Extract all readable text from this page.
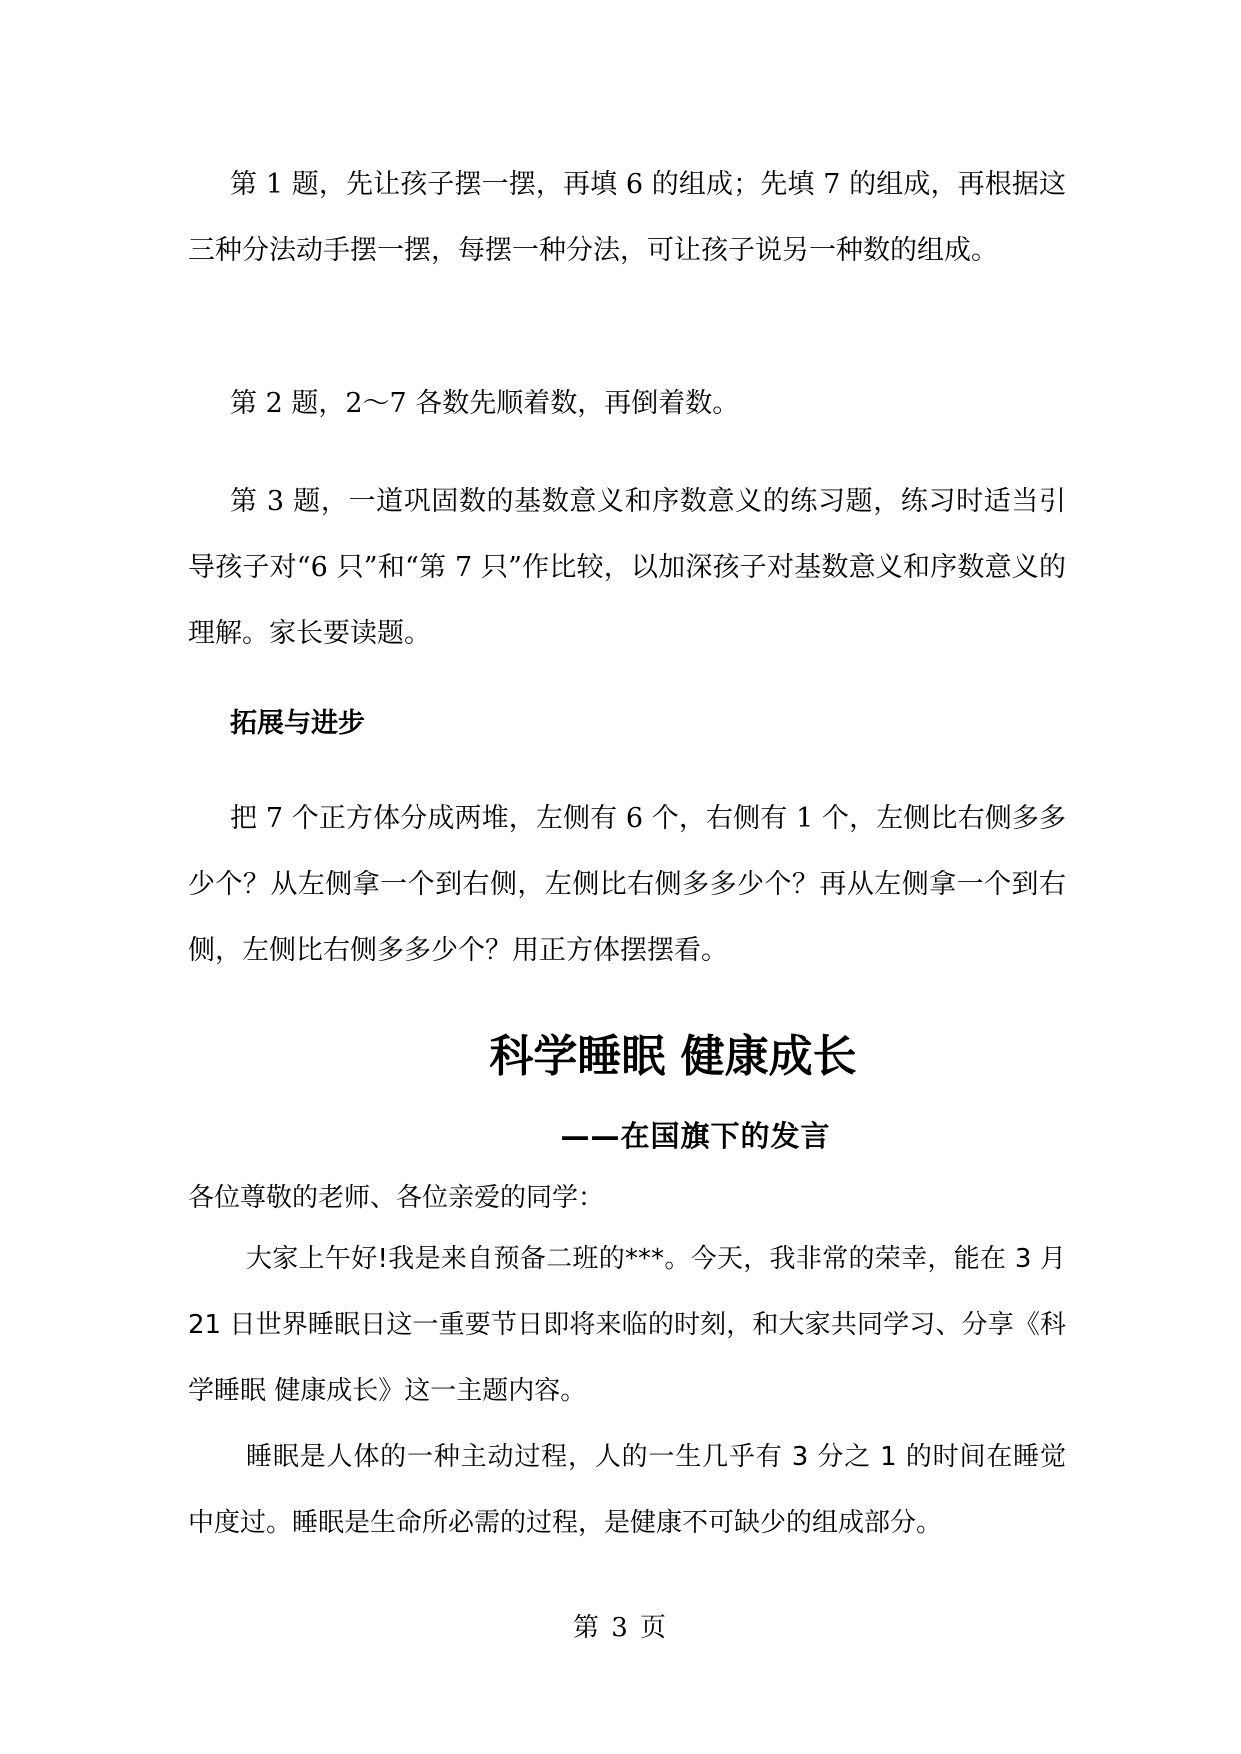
第 1 题，先让孩子摆一摆，再填 6 的组成；先填 7 的组成，再根据这三种分法动手摆一摆，每摆一种分法，可让孩子说另一种数的组成。

第 2 题，2～7 各数先顺着数，再倒着数。

第 3 题，一道巩固数的基数意义和序数意义的练习题，练习时适当引导孩子对“6 只”和“第 7 只”作比较，以加深孩子对基数意义和序数意义的理解。家长要读题。

拓展与进步

把 7 个正方体分成两堆，左侧有 6 个，右侧有 1 个，左侧比右侧多多少个？从左侧拿一个到右侧，左侧比右侧多多少个？再从左侧拿一个到右侧，左侧比右侧多多少个？用正方体摆摆看。

科学睡眠 健康成长
——在国旗下的发言

各位尊敬的老师、各位亲爱的同学：

大家上午好!我是来自预备二班的***。今天，我非常的荣幸，能在 3 月 21 日世界睡眠日这一重要节日即将来临的时刻，和大家共同学习、分享《科学睡眠 健康成长》这一主题内容。

睡眠是人体的一种主动过程，人的一生几乎有 3 分之 1 的时间在睡觉中度过。睡眠是生命所必需的过程，是健康不可缺少的组成部分。

第 3 页
